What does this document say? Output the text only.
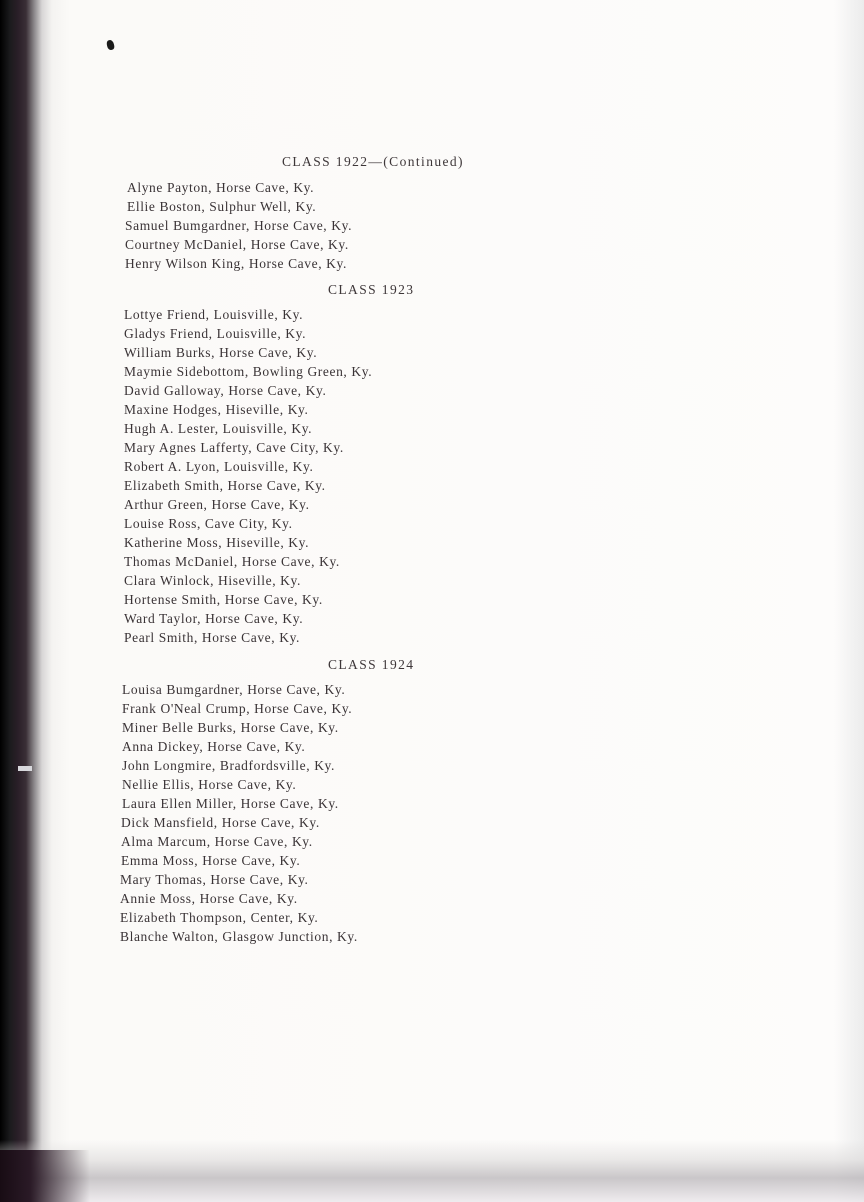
CLASS 1922—(Continued)
Alyne Payton, Horse Cave, Ky.
Ellie Boston, Sulphur Well, Ky.
Samuel Bumgardner, Horse Cave, Ky.
Courtney McDaniel, Horse Cave, Ky.
Henry Wilson King, Horse Cave, Ky.
CLASS 1923
Lottye Friend, Louisville, Ky.
Gladys Friend, Louisville, Ky.
William Burks, Horse Cave, Ky.
Maymie Sidebottom, Bowling Green, Ky.
David Galloway, Horse Cave, Ky.
Maxine Hodges, Hiseville, Ky.
Hugh A. Lester, Louisville, Ky.
Mary Agnes Lafferty, Cave City, Ky.
Robert A. Lyon, Louisville, Ky.
Elizabeth Smith, Horse Cave, Ky.
Arthur Green, Horse Cave, Ky.
Louise Ross, Cave City, Ky.
Katherine Moss, Hiseville, Ky.
Thomas McDaniel, Horse Cave, Ky.
Clara Winlock, Hiseville, Ky.
Hortense Smith, Horse Cave, Ky.
Ward Taylor, Horse Cave, Ky.
Pearl Smith, Horse Cave, Ky.
CLASS 1924
Louisa Bumgardner, Horse Cave, Ky.
Frank O'Neal Crump, Horse Cave, Ky.
Miner Belle Burks, Horse Cave, Ky.
Anna Dickey, Horse Cave, Ky.
John Longmire, Bradfordsville, Ky.
Nellie Ellis, Horse Cave, Ky.
Laura Ellen Miller, Horse Cave, Ky.
Dick Mansfield, Horse Cave, Ky.
Alma Marcum, Horse Cave, Ky.
Emma Moss, Horse Cave, Ky.
Mary Thomas, Horse Cave, Ky.
Annie Moss, Horse Cave, Ky.
Elizabeth Thompson, Center, Ky.
Blanche Walton, Glasgow Junction, Ky.
